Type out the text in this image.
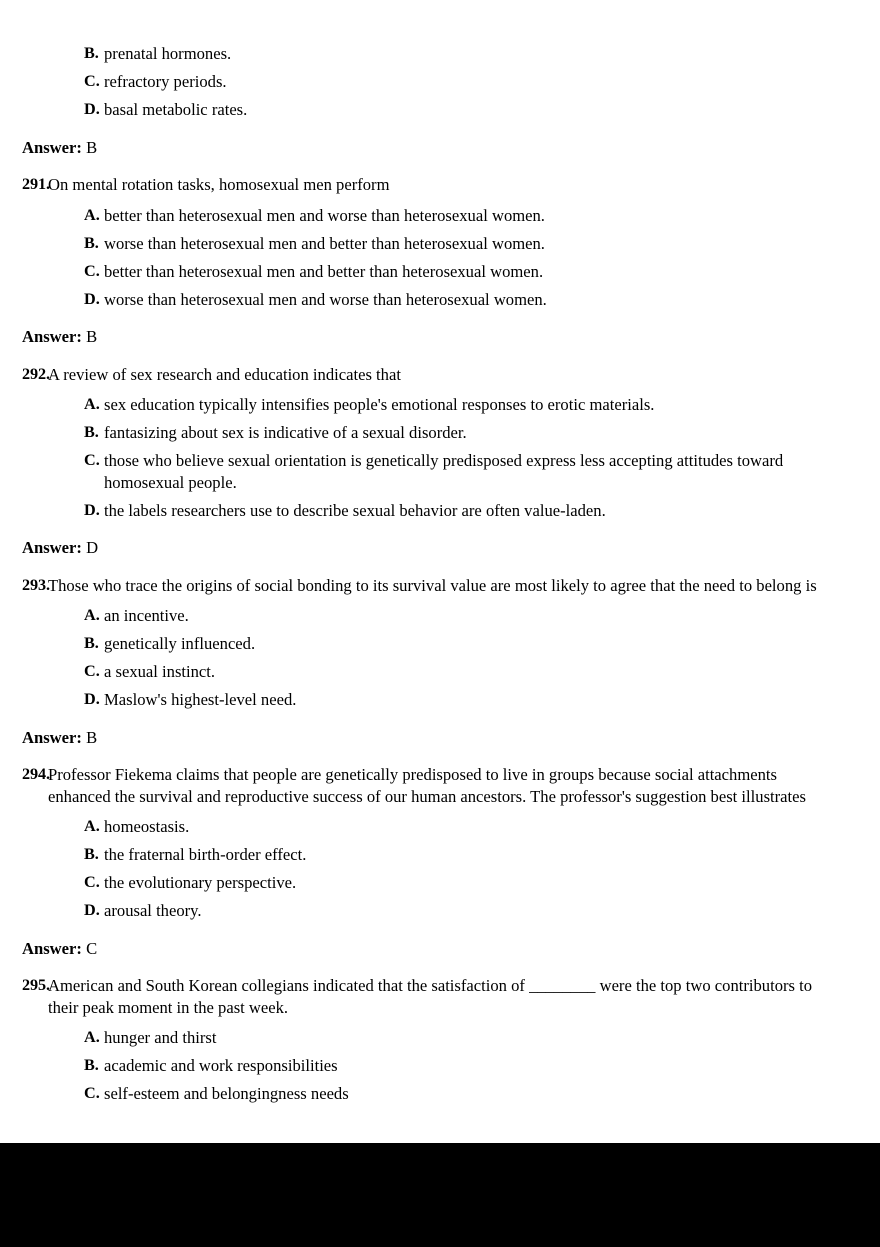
B. prenatal hormones.
C. refractory periods.
D. basal metabolic rates.
Answer: B
291.
On mental rotation tasks, homosexual men perform
A. better than heterosexual men and worse than heterosexual women.
B. worse than heterosexual men and better than heterosexual women.
C. better than heterosexual men and better than heterosexual women.
D. worse than heterosexual men and worse than heterosexual women.
Answer: B
292.
A review of sex research and education indicates that
A. sex education typically intensifies people's emotional responses to erotic materials.
B. fantasizing about sex is indicative of a sexual disorder.
C. those who believe sexual orientation is genetically predisposed express less accepting attitudes toward homosexual people.
D. the labels researchers use to describe sexual behavior are often value-laden.
Answer: D
293.
Those who trace the origins of social bonding to its survival value are most likely to agree that the need to belong is
A. an incentive.
B. genetically influenced.
C. a sexual instinct.
D. Maslow's highest-level need.
Answer: B
294.
Professor Fiekema claims that people are genetically predisposed to live in groups because social attachments enhanced the survival and reproductive success of our human ancestors. The professor's suggestion best illustrates
A. homeostasis.
B. the fraternal birth-order effect.
C. the evolutionary perspective.
D. arousal theory.
Answer: C
295.
American and South Korean collegians indicated that the satisfaction of ________ were the top two contributors to their peak moment in the past week.
A. hunger and thirst
B. academic and work responsibilities
C. self-esteem and belongingness needs
